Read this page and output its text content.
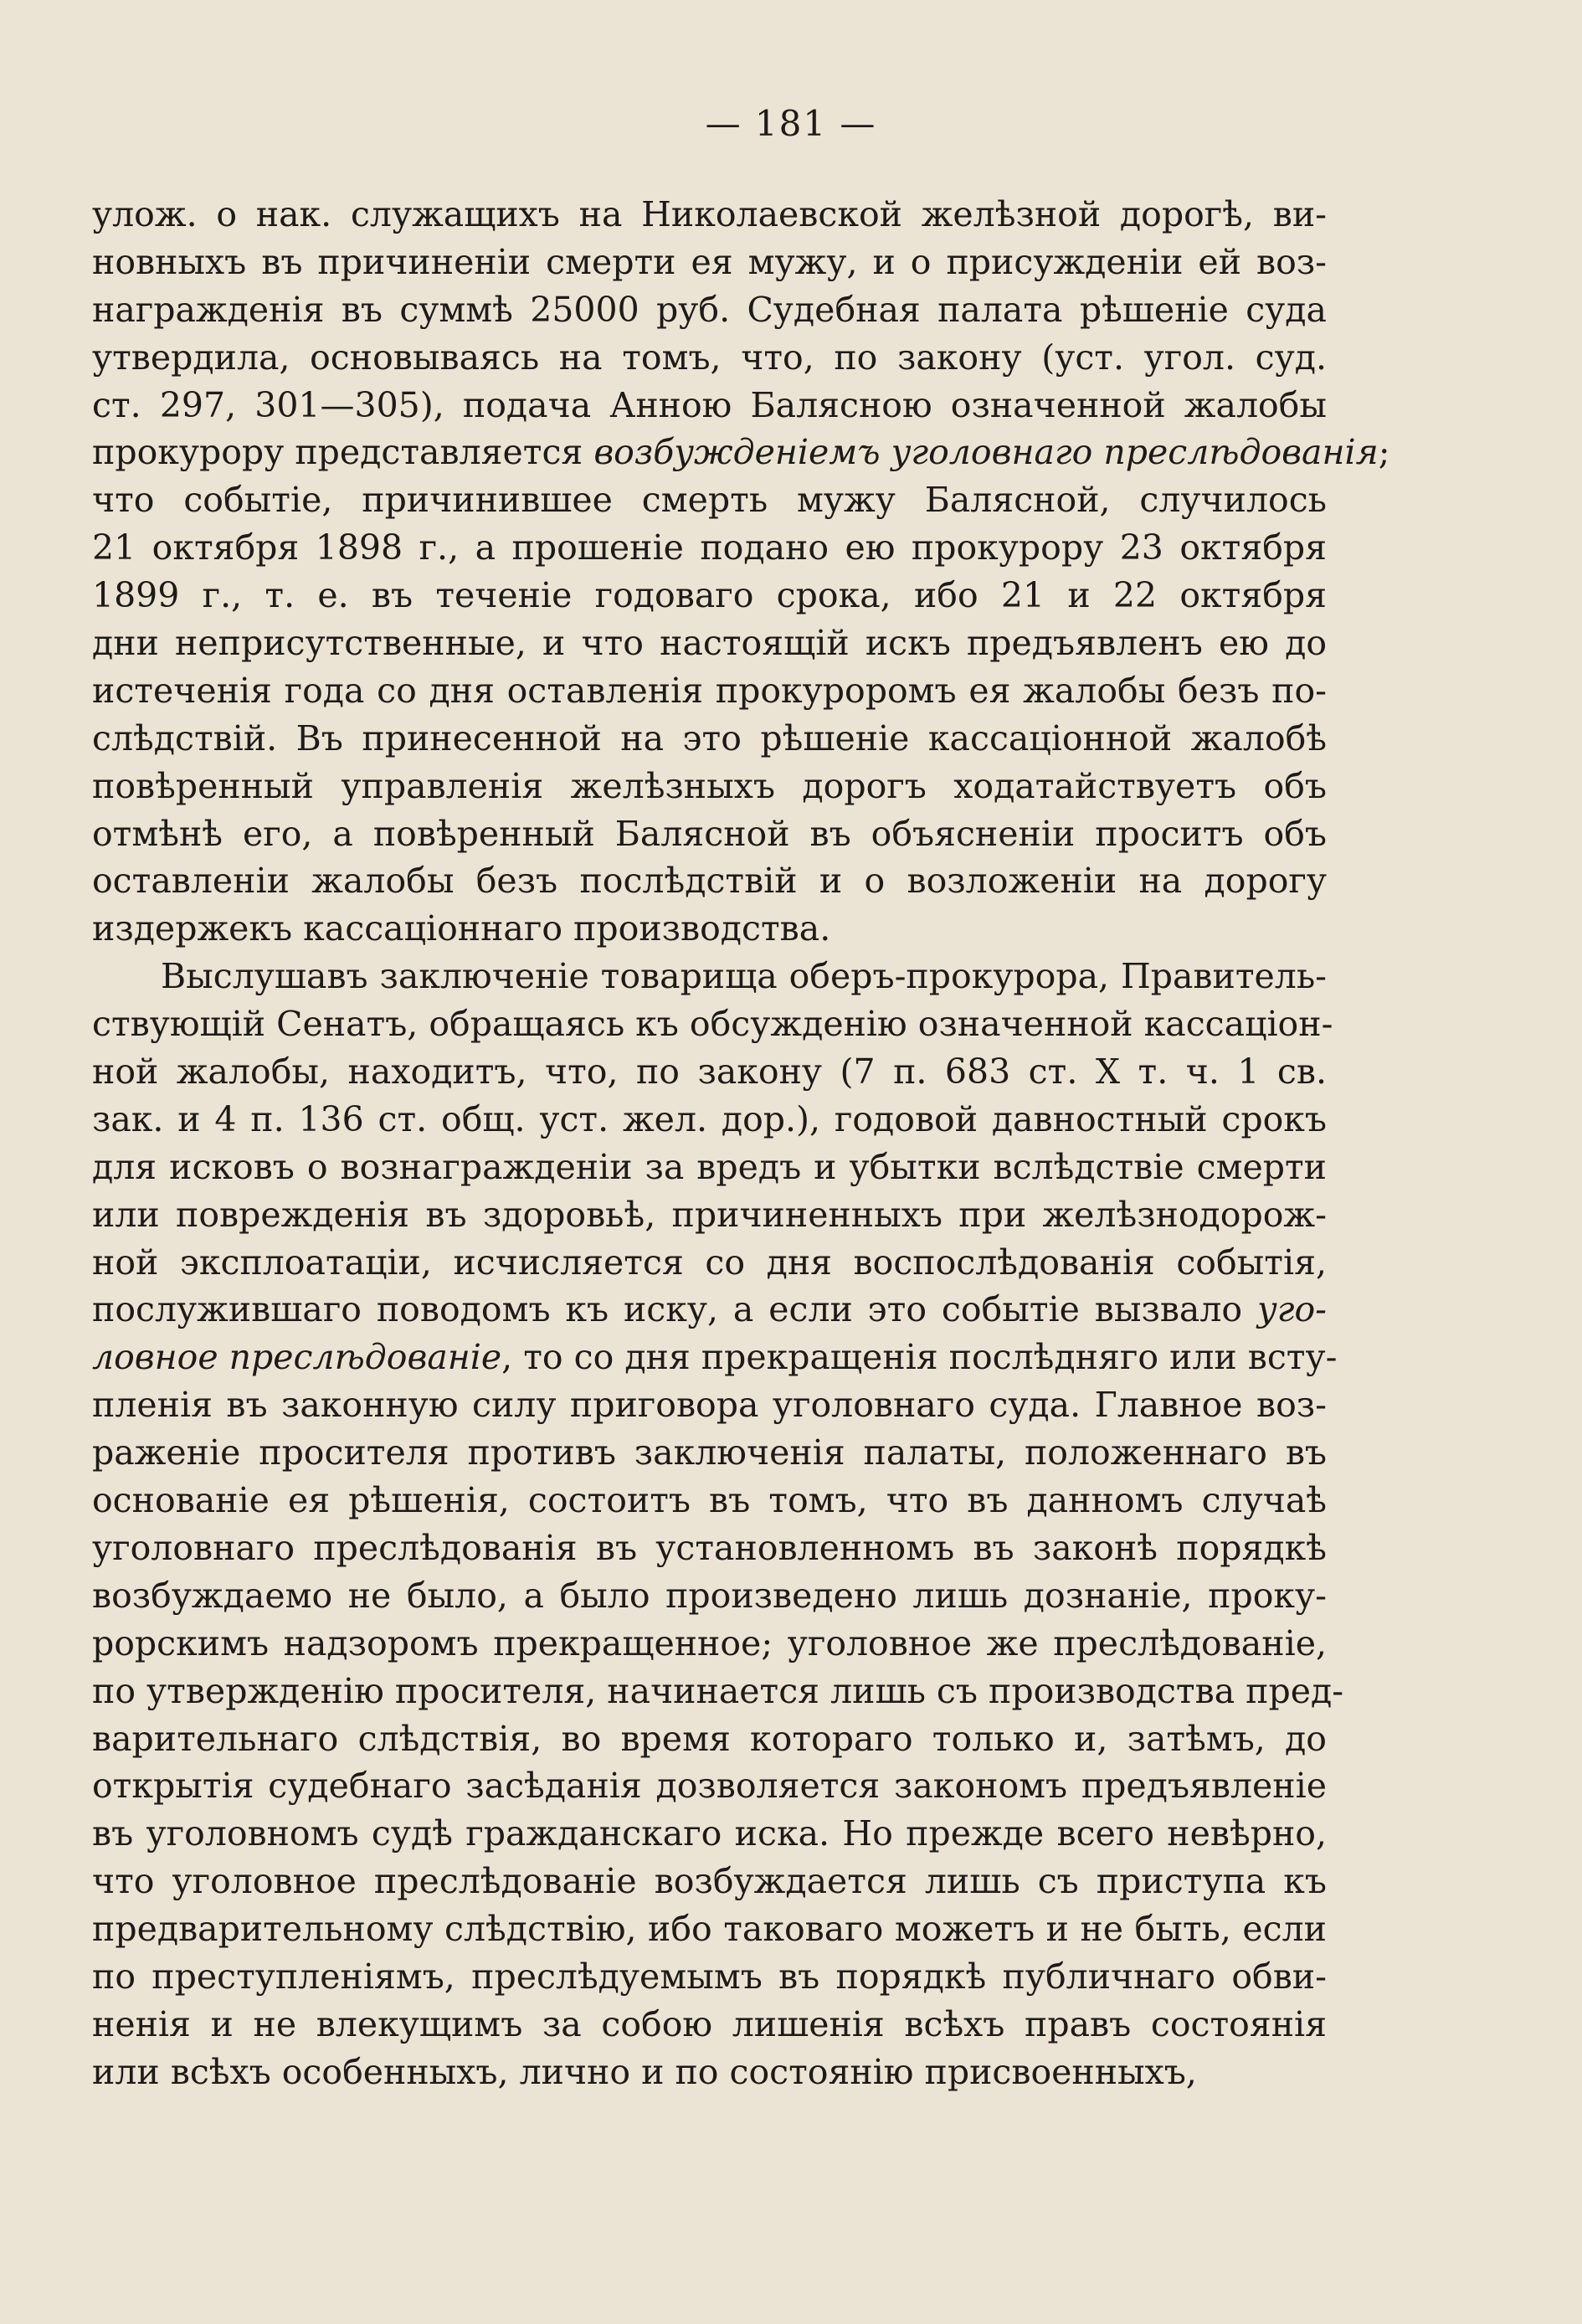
— 181 —
улож. о нак. служащихъ на Николаевской желѣзной дорогѣ, ви-
новныхъ въ причиненіи смерти ея мужу, и о присужденіи ей воз-
награжденія въ суммѣ 25000 руб. Судебная палата рѣшеніе суда
утвердила, основываясь на томъ, что, по закону (уст. угол. суд.
ст. 297, 301—305), подача Анною Балясною означенной жалобы
прокурору представляется возбужденіемъ уголовнаго преслѣдованія;
что событіе, причинившее смерть мужу Балясной, случилось
21 октября 1898 г., а прошеніе подано ею прокурору 23 октября
1899 г., т. е. въ теченіе годоваго срока, ибо 21 и 22 октября
дни неприсутственные, и что настоящій искъ предъявленъ ею до
истеченія года со дня оставленія прокуроромъ ея жалобы безъ по-
слѣдствій. Въ принесенной на это рѣшеніе кассаціонной жалобѣ
повѣренный управленія желѣзныхъ дорогъ ходатайствуетъ объ
отмѣнѣ его, а повѣренный Балясной въ объясненіи проситъ объ
оставленіи жалобы безъ послѣдствій и о возложеніи на дорогу
издержекъ кассаціоннаго производства.
Выслушавъ заключеніе товарища оберъ-прокурора, Правитель-
ствующій Сенатъ, обращаясь къ обсужденію означенной кассаціон-
ной жалобы, находитъ, что, по закону (7 п. 683 ст. X т. ч. 1 св.
зак. и 4 п. 136 ст. общ. уст. жел. дор.), годовой давностный срокъ
для исковъ о вознагражденіи за вредъ и убытки вслѣдствіе смерти
или поврежденія въ здоровьѣ, причиненныхъ при желѣзнодорож-
ной эксплоатаціи, исчисляется со дня воспослѣдованія событія,
послужившаго поводомъ къ иску, а если это событіе вызвало уго-
ловное преслѣдованіе, то со дня прекращенія послѣдняго или всту-
пленія въ законную силу приговора уголовнаго суда. Главное воз-
раженіе просителя противъ заключенія палаты, положеннаго въ
основаніе ея рѣшенія, состоитъ въ томъ, что въ данномъ случаѣ
уголовнаго преслѣдованія въ установленномъ въ законѣ порядкѣ
возбуждаемо не было, а было произведено лишь дознаніе, проку-
рорскимъ надзоромъ прекращенное; уголовное же преслѣдованіе,
по утвержденію просителя, начинается лишь съ производства пред-
варительнаго слѣдствія, во время котораго только и, затѣмъ, до
открытія судебнаго засѣданія дозволяется закономъ предъявленіе
въ уголовномъ судѣ гражданскаго иска. Но прежде всего невѣрно,
что уголовное преслѣдованіе возбуждается лишь съ приступа къ
предварительному слѣдствію, ибо таковаго можетъ и не быть, если
по преступленіямъ, преслѣдуемымъ въ порядкѣ публичнаго обви-
ненія и не влекущимъ за собою лишенія всѣхъ правъ состоянія
или всѣхъ особенныхъ, лично и по состоянію присвоенныхъ,
